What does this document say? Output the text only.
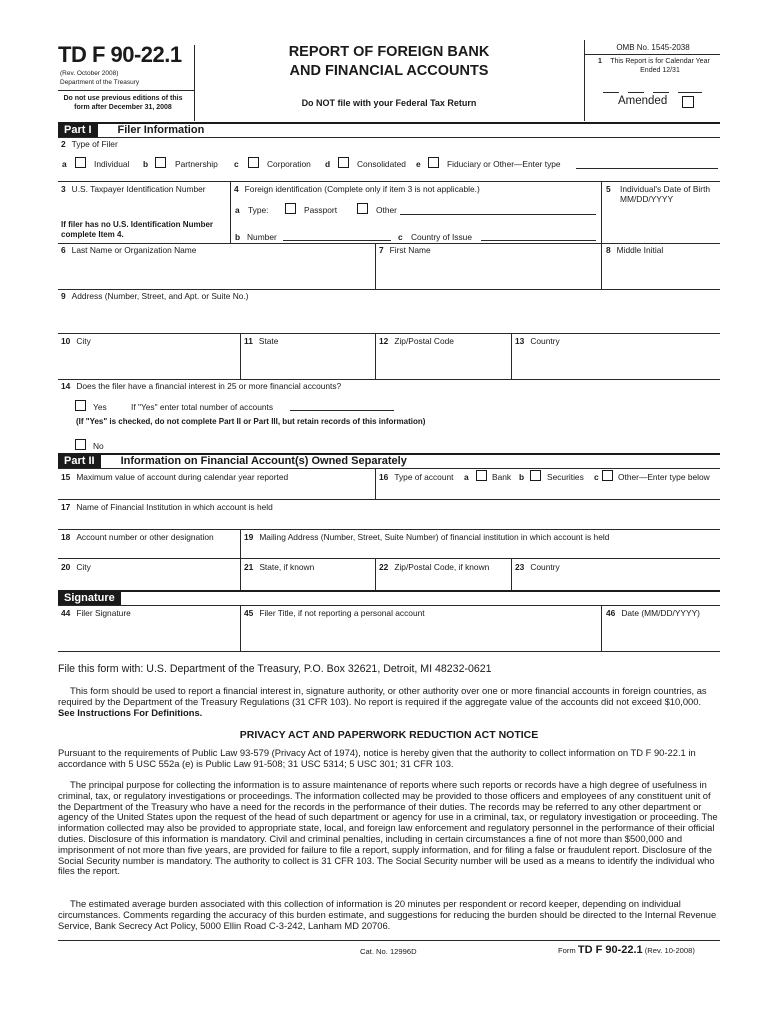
TD F 90-22.1
(Rev. October 2008)
Department of the Treasury
Do not use previous editions of this form after December 31, 2008
REPORT OF FOREIGN BANK
AND FINANCIAL ACCOUNTS
Do NOT file with your Federal Tax Return
OMB No. 1545-2038
1	This Report is for Calendar Year Ended 12/31
Amended
Part I	Filer Information
2 Type of Filer
a	Individual b	Partnership c	Corporation d	Consolidated e	Fiduciary or Other—Enter type
3 U.S. Taxpayer Identification Number
If filer has no U.S. Identification Number complete Item 4.
4 Foreign identification (Complete only if item 3 is not applicable.)
a Type:	Passport	Other
b Number	c Country of Issue
5 Individual's Date of Birth MM/DD/YYYY
6 Last Name or Organization Name	7 First Name	8 Middle Initial
9 Address (Number, Street, and Apt. or Suite No.)
10 City	11 State	12 Zip/Postal Code	13 Country
14 Does the filer have a financial interest in 25 or more financial accounts?
Yes	If "Yes" enter total number of accounts
(If "Yes" is checked, do not complete Part II or Part III, but retain records of this information)
No
Part II	Information on Financial Account(s) Owned Separately
15 Maximum value of account during calendar year reported	16 Type of account a	Bank b	Securities c Other—Enter type below
17 Name of Financial Institution in which account is held
18 Account number or other designation	19 Mailing Address (Number, Street, Suite Number) of financial institution in which account is held
20 City	21 State, if known	22 Zip/Postal Code, if known	23 Country
Signature
44 Filer Signature	45 Filer Title, if not reporting a personal account	46 Date (MM/DD/YYYY)
File this form with: U.S. Department of the Treasury, P.O. Box 32621, Detroit, MI 48232-0621
This form should be used to report a financial interest in, signature authority, or other authority over one or more financial accounts in foreign countries, as required by the Department of the Treasury Regulations (31 CFR 103). No report is required if the aggregate value of the accounts did not exceed $10,000. See Instructions For Definitions.
PRIVACY ACT AND PAPERWORK REDUCTION ACT NOTICE
Pursuant to the requirements of Public Law 93-579 (Privacy Act of 1974), notice is hereby given that the authority to collect information on TD F 90-22.1 in accordance with 5 USC 552a (e) is Public Law 91-508; 31 USC 5314; 5 USC 301; 31 CFR 103.
The principal purpose for collecting the information is to assure maintenance of reports where such reports or records have a high degree of usefulness in criminal, tax, or regulatory investigations or proceedings. The information collected may be provided to those officers and employees of any constituent unit of the Department of the Treasury who have a need for the records in the performance of their duties. The records may be referred to any other department or agency of the United States upon the request of the head of such department or agency for use in a criminal, tax, or regulatory investigation or proceeding. The information collected may also be provided to appropriate state, local, and foreign law enforcement and regulatory personnel in the performance of their official duties. Disclosure of this information is mandatory. Civil and criminal penalties, including in certain circumstances a fine of not more than $500,000 and imprisonment of not more than five years, are provided for failure to file a report, supply information, and for filing a false or fraudulent report. Disclosure of the Social Security number is mandatory. The authority to collect is 31 CFR 103. The Social Security number will be used as a means to identify the individual who files the report.
The estimated average burden associated with this collection of information is 20 minutes per respondent or record keeper, depending on individual circumstances. Comments regarding the accuracy of this burden estimate, and suggestions for reducing the burden should be directed to the Internal Revenue Service, Bank Secrecy Act Policy, 5000 Ellin Road C-3-242, Lanham MD 20706.
Cat. No. 12996D	Form TD F 90-22.1 (Rev. 10-2008)
